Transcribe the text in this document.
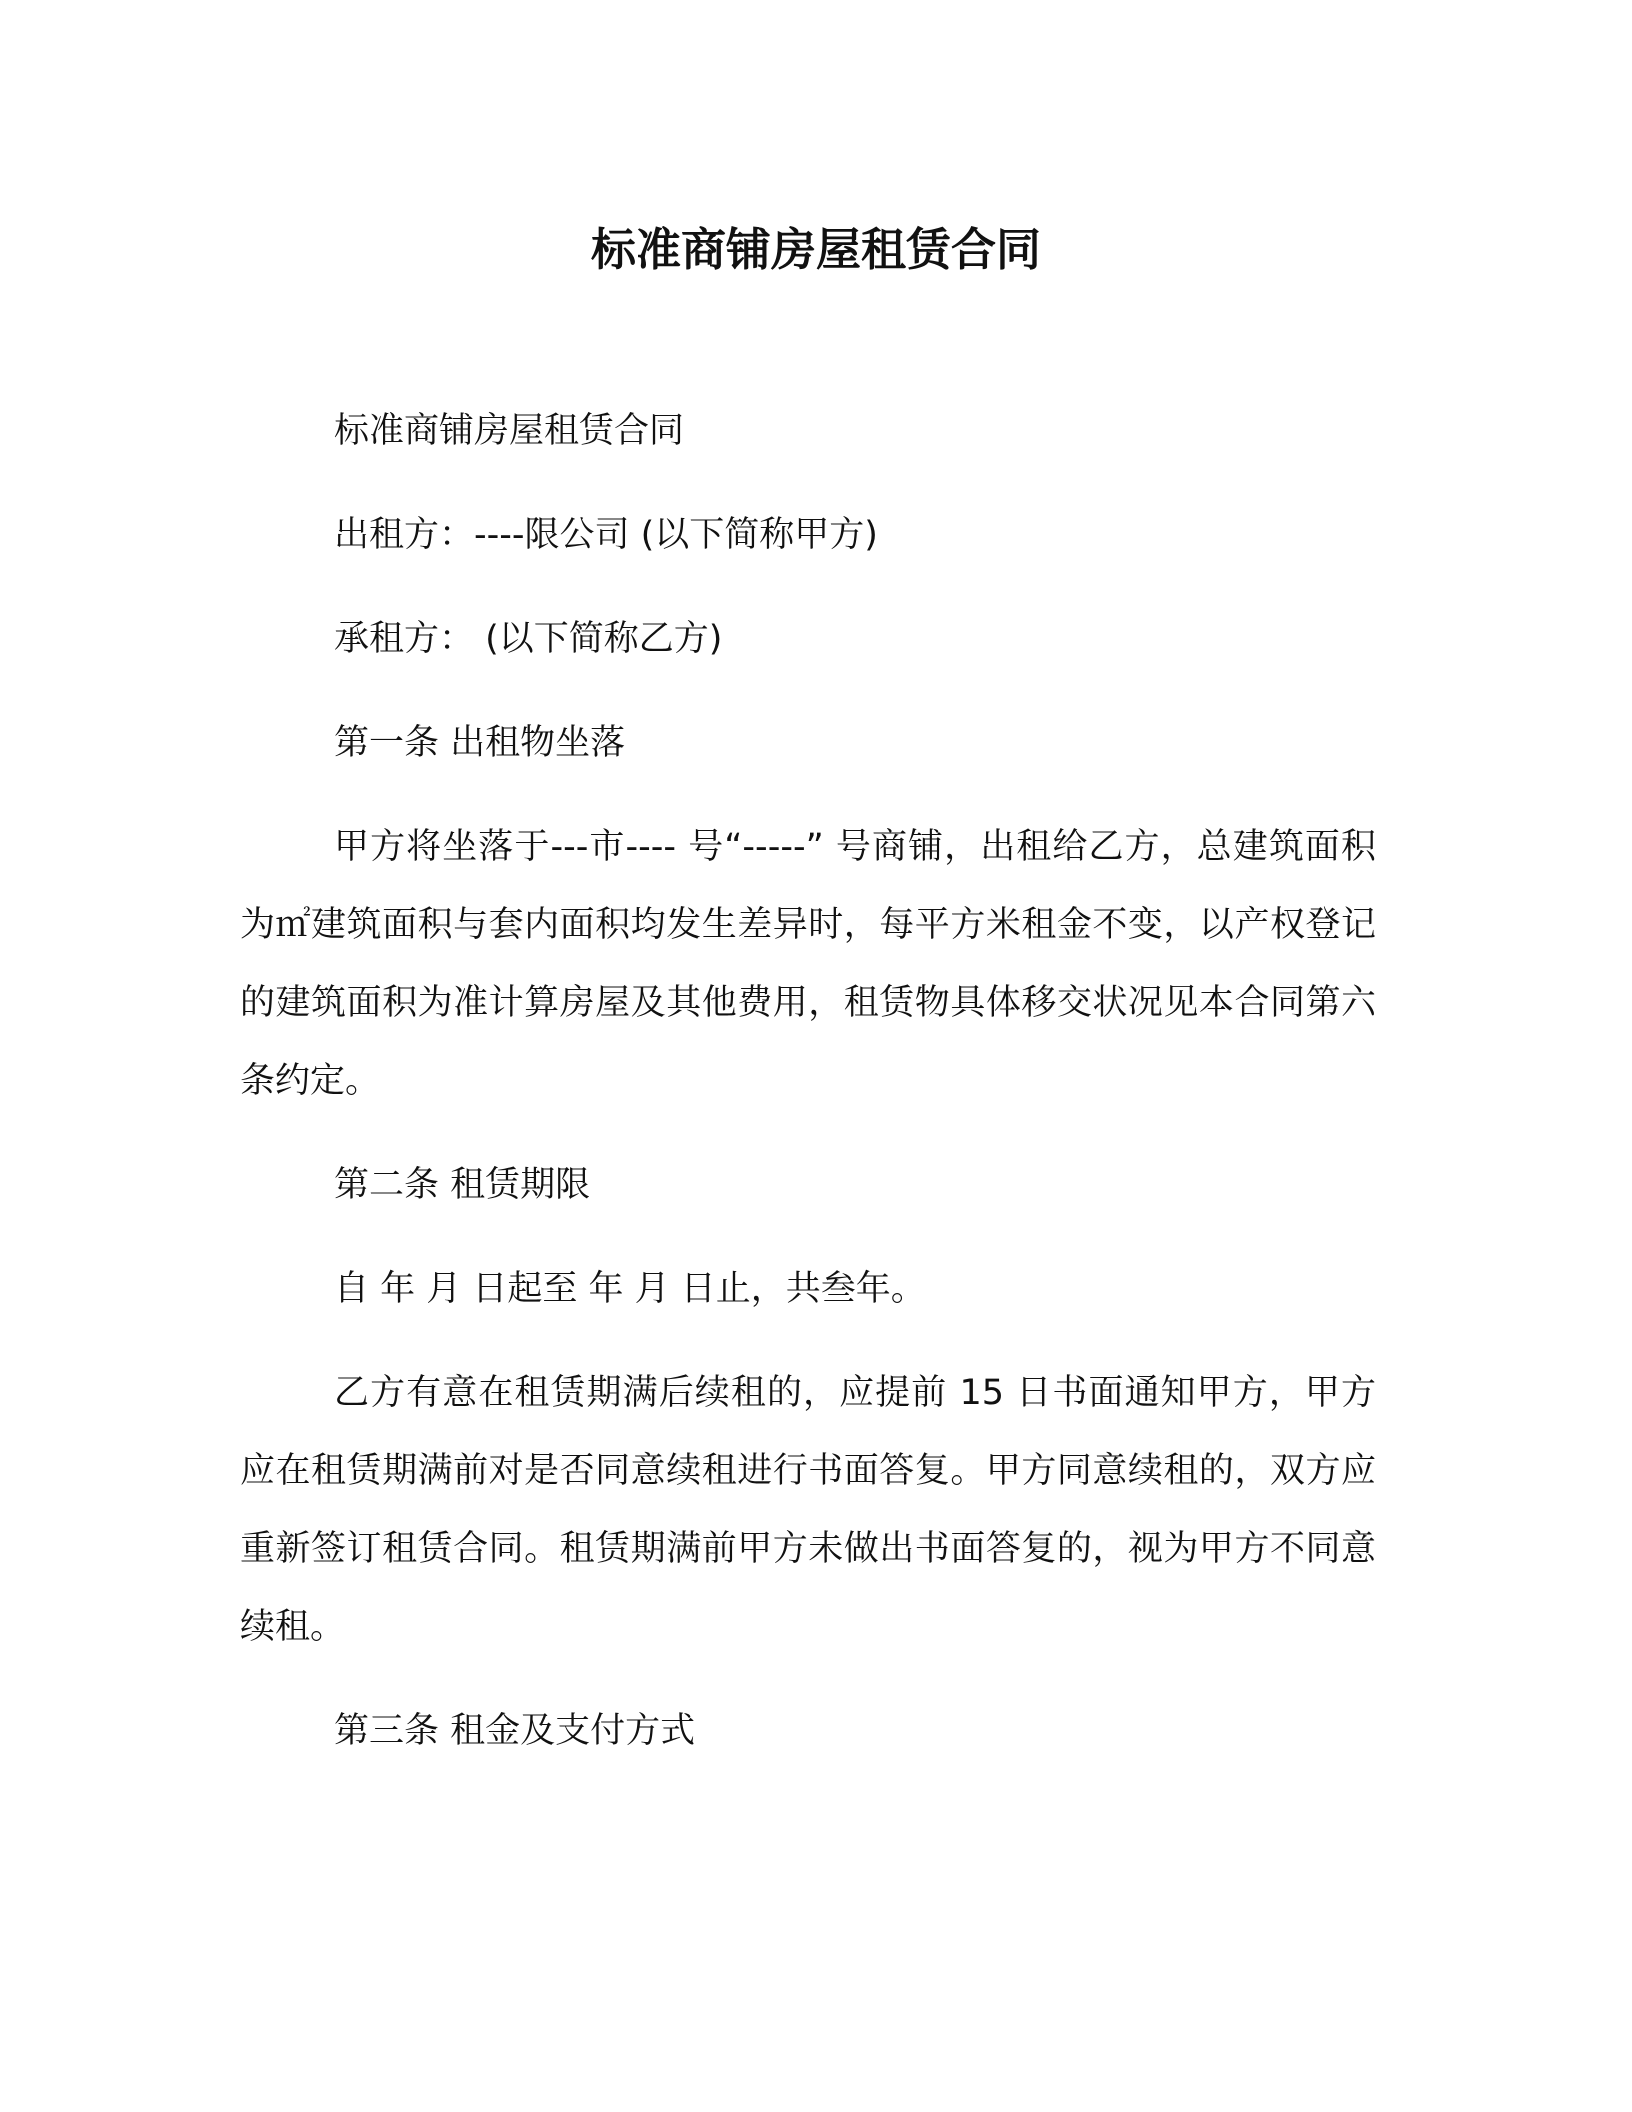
标准商铺房屋租赁合同

标准商铺房屋租赁合同

出租方：----限公司 (以下简称甲方)

承租方： (以下简称乙方)

第一条 出租物坐落

甲方将坐落于---市---- 号“-----” 号商铺，出租给乙方，总建筑面积为㎡建筑面积与套内面积均发生差异时，每平方米租金不变，以产权登记的建筑面积为准计算房屋及其他费用，租赁物具体移交状况见本合同第六条约定。

第二条 租赁期限

自 年 月 日起至 年 月 日止，共叁年。

乙方有意在租赁期满后续租的，应提前 15 日书面通知甲方，甲方应在租赁期满前对是否同意续租进行书面答复。甲方同意续租的，双方应重新签订租赁合同。租赁期满前甲方未做出书面答复的，视为甲方不同意续租。

第三条 租金及支付方式
